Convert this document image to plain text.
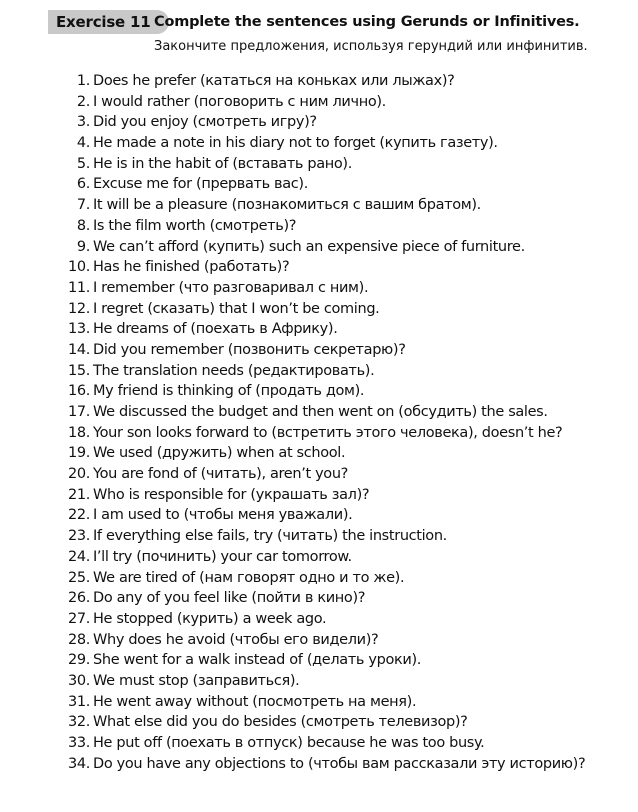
Exercise 11 Complete the sentences using Gerunds or Infinitives.
Закончите предложения, используя герундий или инфинитив.
1. Does he prefer (кататься на коньках или лыжах)?
2. I would rather (поговорить с ним лично).
3. Did you enjoy (смотреть игру)?
4. He made a note in his diary not to forget (купить газету).
5. He is in the habit of (вставать рано).
6. Excuse me for (прервать вас).
7. It will be a pleasure (познакомиться с вашим братом).
8. Is the film worth (смотреть)?
9. We can’t afford (купить) such an expensive piece of furniture.
10. Has he finished (работать)?
11. I remember (что разговаривал с ним).
12. I regret (сказать) that I won’t be coming.
13. He dreams of (поехать в Африку).
14. Did you remember (позвонить секретарю)?
15. The translation needs (редактировать).
16. My friend is thinking of (продать дом).
17. We discussed the budget and then went on (обсудить) the sales.
18. Your son looks forward to (встретить этого человека), doesn’t he?
19. We used (дружить) when at school.
20. You are fond of (читать), aren’t you?
21. Who is responsible for (украшать зал)?
22. I am used to (чтобы меня уважали).
23. If everything else fails, try (читать) the instruction.
24. I’ll try (починить) your car tomorrow.
25. We are tired of (нам говорят одно и то же).
26. Do any of you feel like (пойти в кино)?
27. He stopped (курить) a week ago.
28. Why does he avoid (чтобы его видели)?
29. She went for a walk instead of (делать уроки).
30. We must stop (заправиться).
31. He went away without (посмотреть на меня).
32. What else did you do besides (смотреть телевизор)?
33. He put off (поехать в отпуск) because he was too busy.
34. Do you have any objections to (чтобы вам рассказали эту историю)?
